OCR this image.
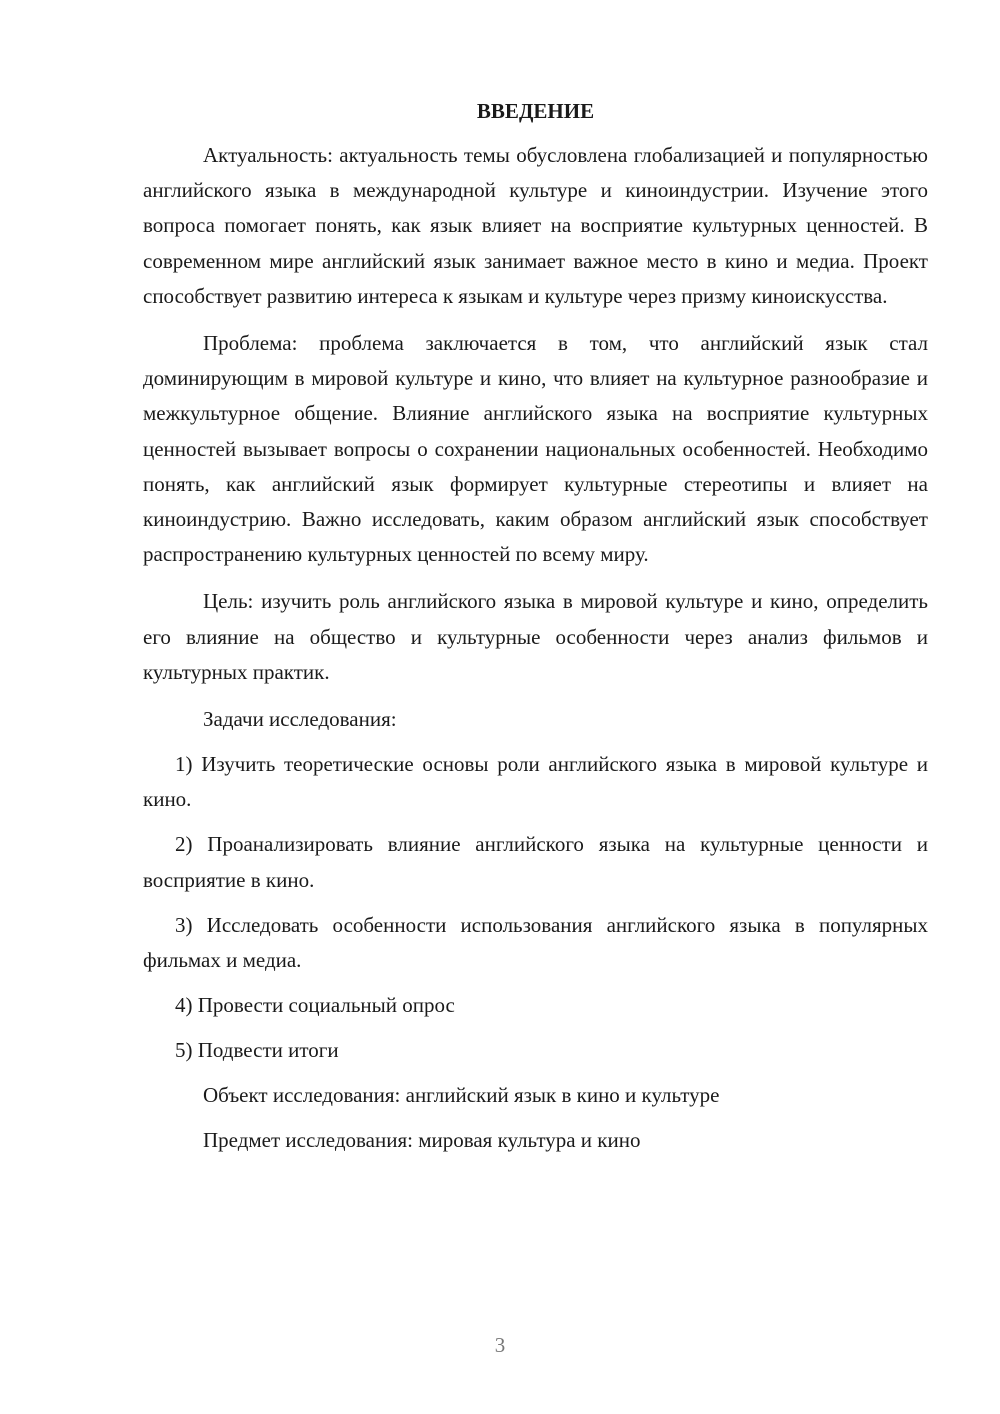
ВВЕДЕНИЕ

Актуальность: актуальность темы обусловлена глобализацией и популярностью английского языка в международной культуре и киноиндустрии. Изучение этого вопроса помогает понять, как язык влияет на восприятие культурных ценностей. В современном мире английский язык занимает важное место в кино и медиа. Проект способствует развитию интереса к языкам и культуре через призму киноискусства.

Проблема: проблема заключается в том, что английский язык стал доминирующим в мировой культуре и кино, что влияет на культурное разнообразие и межкультурное общение. Влияние английского языка на восприятие культурных ценностей вызывает вопросы о сохранении национальных особенностей. Необходимо понять, как английский язык формирует культурные стереотипы и влияет на киноиндустрию. Важно исследовать, каким образом английский язык способствует распространению культурных ценностей по всему миру.

Цель: изучить роль английского языка в мировой культуре и кино, определить его влияние на общество и культурные особенности через анализ фильмов и культурных практик.

Задачи исследования:

1) Изучить теоретические основы роли английского языка в мировой культуре и кино.

2) Проанализировать влияние английского языка на культурные ценности и восприятие в кино.

3) Исследовать особенности использования английского языка в популярных фильмах и медиа.

4) Провести социальный опрос

5) Подвести итоги

Объект исследования: английский язык в кино и культуре

Предмет исследования: мировая культура и кино

3
